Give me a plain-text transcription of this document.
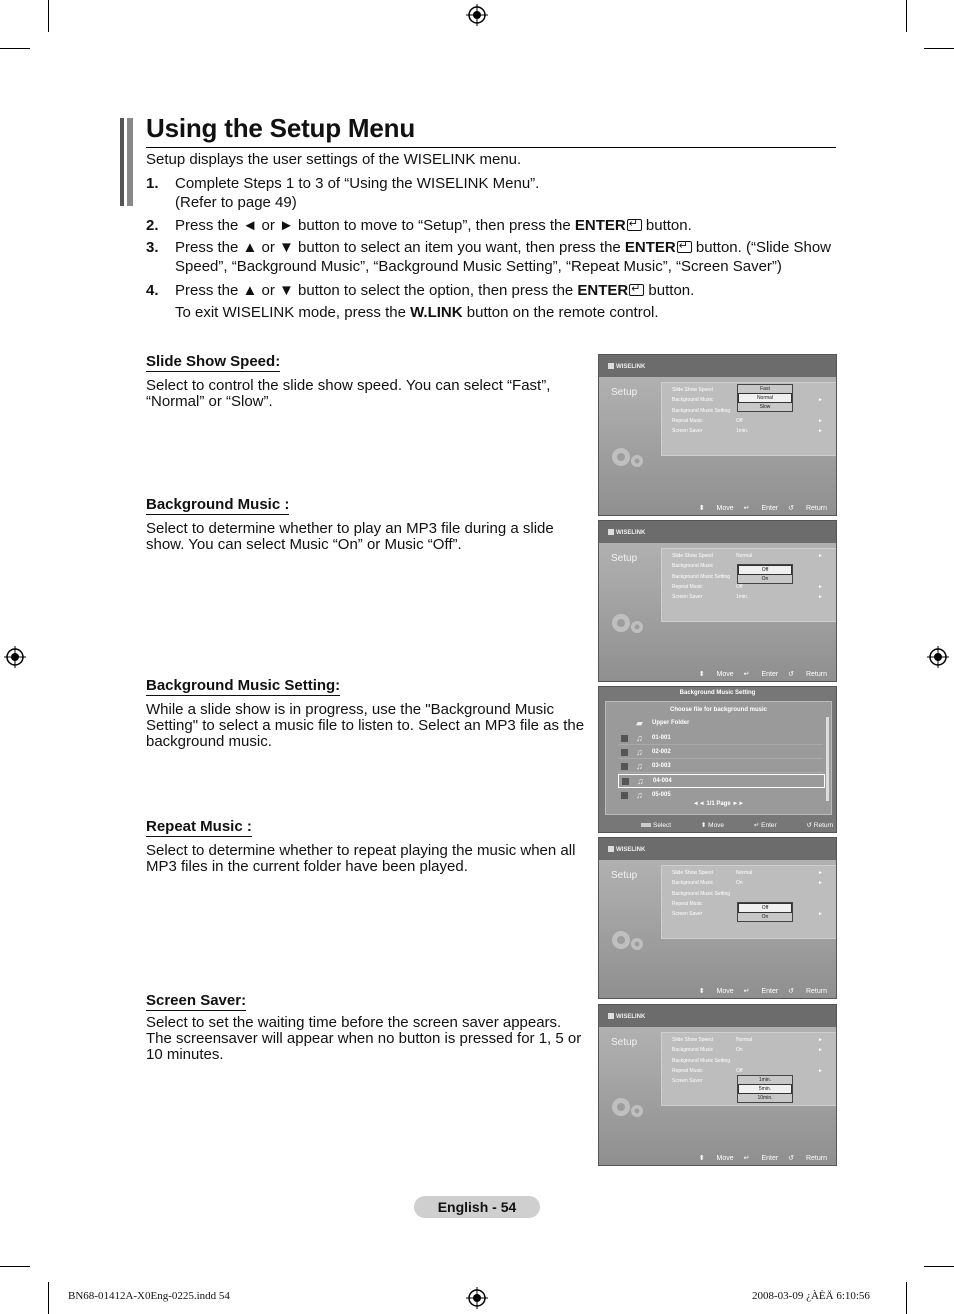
Using the Setup Menu
Setup displays the user settings of the WISELINK menu.
1. Complete Steps 1 to 3 of “Using the WISELINK Menu”.
(Refer to page 49)
2. Press the ◄ or ► button to move to “Setup”, then press the ENTER↵ button.
3. Press the ▲ or ▼ button to select an item you want, then press the ENTER↵ button. (“Slide Show
Speed”, “Background Music”, “Background Music Setting”, “Repeat Music”, “Screen Saver”)
4. Press the ▲ or ▼ button to select the option, then press the ENTER↵ button.
To exit WISELINK mode, press the W.LINK button on the remote control.
Slide Show Speed:
Select to control the slide show speed. You can select “Fast”, “Normal” or “Slow”.
Background Music :
Select to determine whether to play an MP3 file during a slide show. You can select Music “On” or Music “Off”.
Background Music Setting:
While a slide show is in progress, use the "Background Music Setting" to select a music file to listen to. Select an MP3 file as the background music.
Repeat Music :
Select to determine whether to repeat playing the music when all MP3 files in the current folder have been played.
Screen Saver:
Select to set the waiting time before the screen saver appears. The screensaver will appear when no button is pressed for 1, 5 or 10 minutes.
WISELINK
Setup	Slide Show Speed
Background Music	►
Background Music Setting
Repeat Music	Off	►
Screen Saver	1min.	►
Fast
Normal
Slow
⬍ Move ↵ Enter ↺ Return
WISELINK
Setup	Slide Show Speed	Normal	►
Background Music
Background Music Setting
Repeat Music	Off	►
Screen Saver	1min.	►
Off
On
⬍ Move ↵ Enter ↺ Return
Background Music Setting
Choose file for background music
▰ Upper Folder
♫ 01-001
♫ 02-002
♫ 03-003
♫ 04-004
♫ 05-005
◄◄ 1/1 Page ►►
Select	⬍ Move	↵ Enter	↺ Return
WISELINK
Setup	Slide Show Speed	Normal	►
Background Music	On	►
Background Music Setting
Repeat Music
Screen Saver	►
Off
On
⬍ Move ↵ Enter ↺ Return
WISELINK
Setup	Slide Show Speed	Normal	►
Background Music	On	►
Background Music Setting
Repeat Music	Off	►
Screen Saver	1min.
5min.
10min.
⬍ Move ↵ Enter ↺ Return
English - 54
BN68-01412A-X0Eng-0225.indd 54	2008-03-09 ¿ÀÈÄ 6:10:56
